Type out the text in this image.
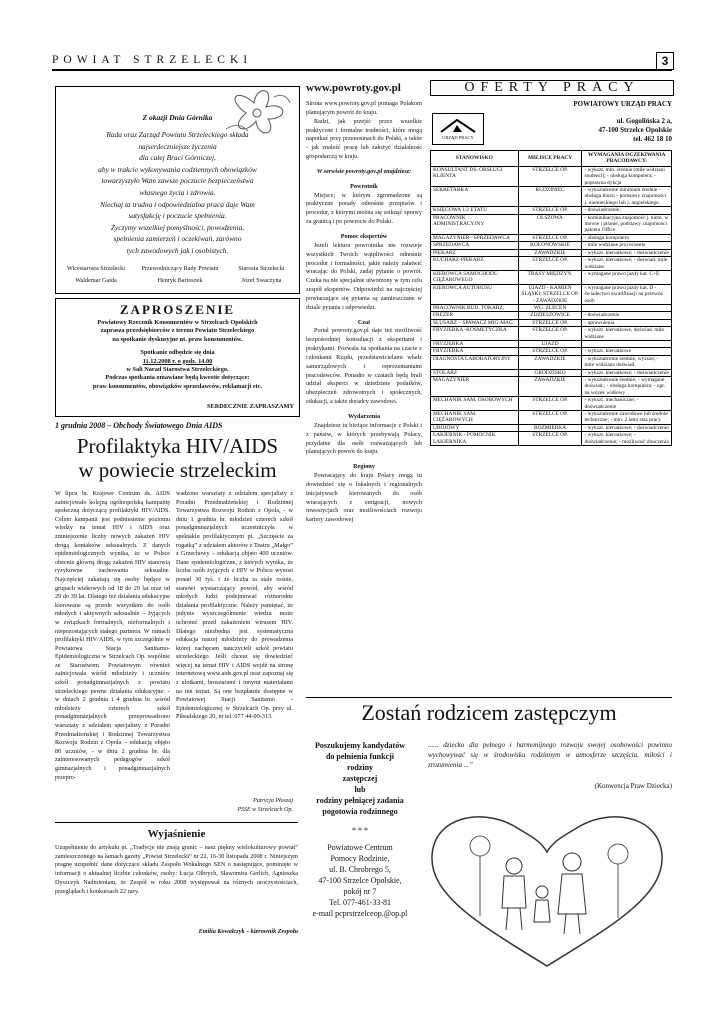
POWIAT STRZELECKI	3
Z okazji Dnia Górnika
Rada oraz Zarząd Powiatu Strzeleckiego składa
najserdeczniejsze życzenia
dla całej Braci Górniczej,
aby w trakcie wykonywania codziennych obowiązków
towarzyszyło Wam zawsze poczucie bezpieczeństwa
własnego życia i zdrowia.
Niechaj ta trudna i odpowiedzialna praca daje Wam
satysfakcję i poczucie spełnienia.
Życzymy wszelkiej pomyślności, powodzenia,
spełnienia zamierzeń i oczekiwań, zarówno
tych zawodowych jak i osobistych.
Wicestarosta Strzelecki
Waldemar Gaida
Przewodniczący Rady Powiatu
Henryk Bartoszek
Starosta Strzelecki
Józef Swaczyna
ZAPROSZENIE
Powiatowy Rzecznik Konsumentów w Strzelcach Opolskich
zaprasza przedsiębiorców z terenu Powiatu Strzeleckiego
na spotkanie dyskusyjne nt. praw konsumentów.
Spotkanie odbędzie się dnia
11.12.2008 r. o godz. 14.00
w Sali Narad Starostwa Strzeleckiego.
Podczas spotkania omawiane będą kwestie dotyczące:
praw konsumentów, obowiązków sprzedawców, reklamacji etc.
SERDECZNIE ZAPRASZAMY
1 grudnia 2008 – Obchody Światowego Dnia AIDS
Profilaktyka HIV/AIDS
w powiecie strzeleckim
W lipcu br. Krajowe Centrum ds. AIDS zainicjowało kolejną ogólnopolską kampanię społeczną dotyczącą profilaktyki HIV/AIDS. Celem kampanii jest podniesienie poziomu wiedzy na temat HIV i AIDS oraz zmniejszenie liczby nowych zakażeń HIV drogą kontaktów seksualnych. Z danych epidemiologicznych wynika, że w Polsce obecnie główną drogą zakażeń HIV stanowią ryzykowne zachowania seksualne. Najczęściej zakażają się osoby będące w grupach wiekowych od 18 do 29 lat oraz od 29 do 39 lat. Dlatego też działania edukacyjne kierowane są przede wszystkim do osób młodych i aktywnych seksualnie – żyjących w związkach formalnych, nieformalnych i niepozostających stałego partnera. W ramach profilaktyki HIV/AIDS, w tym szczególnie w Powiatowa Stacja Sanitarno-Epidemiologiczna w Strzelcach Op. wspólnie ze Starostwem Powiatowym również zainicjowała wśród młodzieży i uczniów szkół ponadgimnazjalnych z powiatu strzeleckiego pewne działania edukacyjne: - w dniach 2 grudnia i 4 grudnia br. wśród młodzieży czterech szkół ponadgimnazjalnych przeprowadzono warsztaty z udziałem specjalisty z Poradni Przedmałżeńskiej i Rodzinnej Towarzystwa Rozwoju Rodzin z Opola – edukacją objęto 80 uczniów, - w dniu 2 grudnia br. dla zainteresowanych pedagogów szkół gimnazjalnych i ponadgimnazjalnych przepro-
wadzono warsztaty z udziałem specjalisty z Poradni Przedmałżeńskiej i Rodzinnej Towarzystwa Rozwoju Rodzin z Opola, - w dniu 1 grudnia br. młodzież czterech szkół ponadgimnazjalnych uczestniczyła w spektaklu profilaktycznym pt. „Szczęście za rogatką” z udziałem aktorów z Teatru „Małgo” z Grzechowy – edukacją objęto 400 uczniów. Dane epidemiologiczne, z których wynika, że liczba osób żyjących z HIV w Polsce wynosi ponad 30 tyś. i że liczba ta stale rośnie, stanowi wystarczający powód, aby wśród młodych ludzi podejmować różnorodne działania profilaktyczne. Należy pamiętać, że jedynie wyszczególnienie wiedza może uchronić przed zakażeniem wirusem HIV. Dlatego niezbędna jest systematyczna edukacja naszej młodzieży do prowadzenia której zachęcam nauczycieli szkół powiatu strzeleckiego. Jeśli chcesz się dowiedzieć więcej na temat HIV i AIDS wejdź na stronę internetową www.aids.gov.pl oraz zapoznaj się z ulotkami, broszurami i innymi materiałami na ten temat. Są one bezpłatnie dostępne w Powiatowej Stacji Sanitarno - Epidemiologicznej w Strzelcach Op. przy ul. Piłsudskiego 20, nr tel. 077 44-00-313.
Patrycja Płoszaj
PSSE w Strzelcach Op.
Wyjaśnienie
Uzupełnienie do artykułu pt. „Tradycje nie znają granic – nasz piękny wielokulturowy powiat” zamieszczonego na łamach gazety „Powiat Strzelecki” nr 22, 16-30 listopada 2008 r. Niniejszym pragnę uzupełnić dane dotyczące składu Zespołu Wokalnego SEN o następujące, pominięte w informacji o aktualnej liczbie członków, osoby: Łucja Olbrych, Sławomira Gerlich, Agnieszka Dyszczyk Nadmieniam, że Zespół w roku 2008 występował na różnych uroczystościach, przeglądach i konkursach 22 razy.
Emilia Kowalczyk – kierownik Zespołu
www.powroty.gov.pl

Strona www.powroty.gov.pl pomaga Polakom planującym powrót do kraju.

Radzi, jak przejść przez wszelkie praktyczne i formalne trudności, które mogą napotkać przy przenosinach do Polski, a także - jak znaleźć pracę lub założyć działalność gospodarczą w kraju.

W serwisie powroty.gov.pl znajdziesz:

Powrotnik

Miejsce, w którym zgromadzone są praktyczne porady odnośnie przepisów i procedur, z którymi można się zetknąć sprawy za granicą i po powrocie do Polski.

Pomoc ekspertów

Jeżeli lektura powrotnika nie rozwieje wszystkich Twoich wątpliwości odnośnie procedur i formalności, jakie należy załatwić wracając do Polski, zadaj pytanie o powrót. Czeka na nie specjalnie utworzony w tym celu zespół ekspertów. Odpowiedzi na najczęściej powtarzające się pytania są zamieszczane w dziale pytania i odpowiedzi.

Czat

Portal powroty.gov.pl daje też możliwość bezpośredniej konsultacji z ekspertami i praktykami. Pozwala na spotkania na czacie z członkami Rządu, przedstawicielami władz samorządowych i reprezentantami pracodawców. Ponadto w czatach będą brali udział eksperci w dziedzinie podatków, ubezpieczeń zdrowotnych i społecznych, edukacji, a także doradcy zawodowi.

Wydarzenia

Znajdziesz tu bieżące informacje z Polski i z państw, w których przebywają Polacy, przydatne dla osób rozważających lub planujących powrót do kraju.

Regiony

Powracający do kraju Polacy mogą tu dowiedzieć się o lokalnych i regionalnych inicjatywach kierowanych do osób wracających z emigracji, nowych inwestycjach oraz możliwościach rozwoju kariery zawodowej

OFERTY PRACY
POWIATOWY URZĄD PRACY
URZĄD PRACY
ul. Gogolińska 2 a,
47-100 Strzelce Opolskie
tel. 462 18 10
STANOWISKO	MIEJSCE PRACY	WYMAGANIA OCZEKIWANIA PRACODAWCY:
KONSULTANT DS. OBSŁUGI KLIENTA	STRZELCE OP.	- wykszt. min. średnie (mile widziani studenci); - obsługa komputera; - poprawna dykcja
SEKRETARKA	RUDZINIEC	- wykształcenie minimum średnie - obsługa biura; - podstawy znajomości j. niemieckiego lub j. angielskiego
KSIĘGOWA 1/2 ETATU	STRZELCE OP.	- doświadczenie;
PRACOWNIK ADMINISTRACYJNY	OLSZOWA	- komunikacyjna znajomość j. niem. w mowie i piśmie, podstawy znajomości pakietu Office
MAGAZYNIER - SPRZEDAWCA	STRZELCE OP.	- obsługa komputera
SPRZEDAWCA	KOLONOWSKIE	- mile widziane przyuczenie
PIEKARZ	ZAWADZKIE	- wykszt. kierunkowe; - doświadczenie
KUCHARZ-PIEKARZ	STRZELCE OP.	- wykszt. kierunkowe; - doświad. mile widziane
KIEROWCA SAMOCHODU CIĘŻAROWEGO	TRASY MIĘDZYN.	- wymagane prawo jazdy kat. C+E
KIEROWCA AUTOBUSU	UJAZD - KAMIEŃ ŚLĄSKI; STRZELCE OP. - ZAWADZKIE	- wymagane prawo jazdy kat. D - świadectwo kwalifikacji na przewóz osób
PRACOWNIK BUD. TOKARZ;	WG. ZLECEŃ	
FREZER	ZDZIESZOWICE	- doświadczenie
ŚLUSARZ – SPAWACZ MIG-MAG	STRZELCE OP.	- uprawnienia
FRYZJERKA -KOSMETYCZKA	STRZELCE OP.	- wykszt. kierunkowe, doświad. mile widziane
FRYZJERKA	UJAZD	
FRYZJERKA	STRZELCE OP.	- wykszt. kierunkowe
DIAGNOSTA LABORATORYJNY	ZAWADZKIE	- wykształcenie średnie, wyższe; - mile widziane doświad.
STOLARZ	GRODZISKO	- wykszt. kierunkowe; - doświadczenie
MAGAZYNIER	ZAWADZKIE	- wykształcenie średnie; - wymagane doświad.; - obsługa komputera; - upr. na wózek widłowy
MECHANIK SAM. OSOBOWYCH	STRZELCE OP.	- wykszt. mechaniczne; - doświadczenie
MECHANIK SAM. CIĘŻAROWYCH	STRZELCE OP.	- wykształcenie zawodowe lub średnie techniczne; - min. 2 letni staż pracy
UBOJOWY	ROZMIERKA	- wykszt. kierunkowe; - doświadczenie
LAKIERNIK - POMOCNIK LAKIERNIKA	STRZELCE OP.	- wykszt. kierunkowe; - doświadczenie; - możliwość douczenia
Zostań rodzicem zastępczym
Poszukujemy kandydatów
do pełnienia funkcji
rodziny
zastępczej
lub
rodziny pełniącej zadania
pogotowia rodzinnego
* * *
Powiatowe Centrum
Pomocy Rodzinie,
ul. B. Chrobrego 5,
47-100 Strzelce Opolskie,
pokój nr 7
Tel. 077-461-33-81
e-mail pcprstrzelceop.@op.pl
...... dziecko dla pełnego i harmonijnego rozwoju swojej osobowości powinno wychowywać się w środowisku rodzinnym w atmosferze szczęścia, miłości i zrozumienia ...”
(Konwencja Praw Dziecka)
